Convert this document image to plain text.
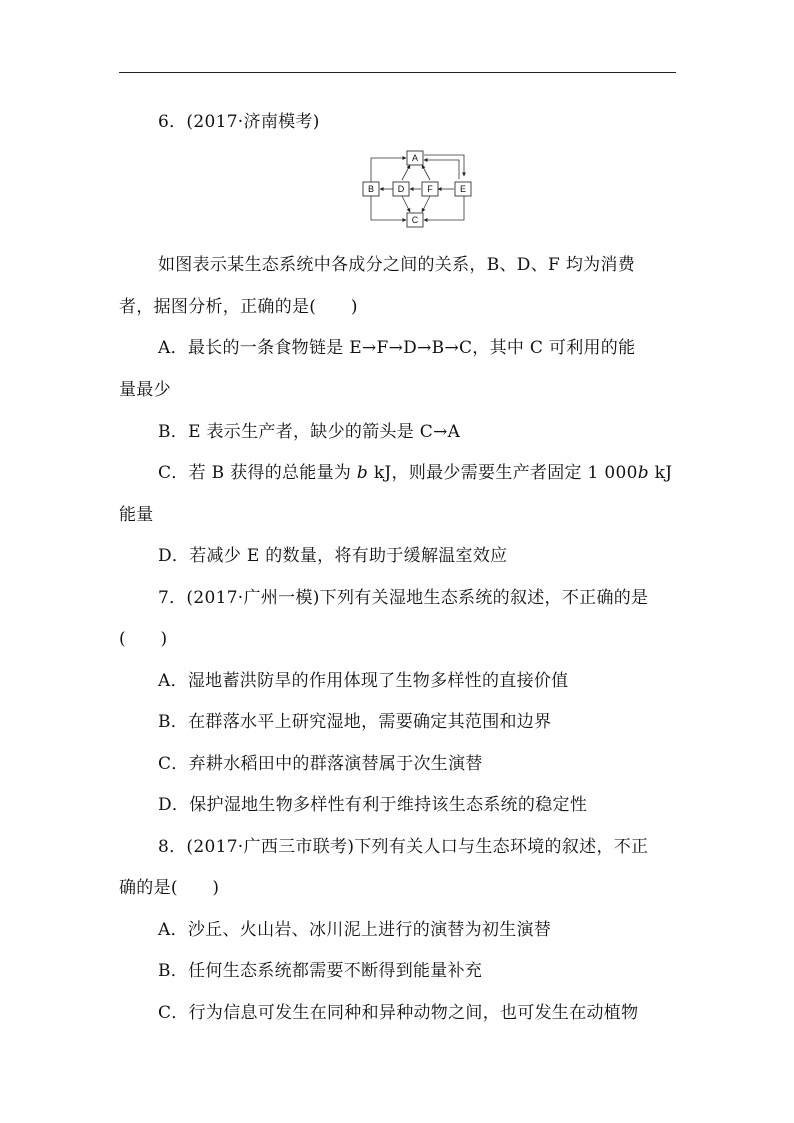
6．(2017·济南模考)
A
B
C
D	E
F
如图表示某生态系统中各成分之间的关系，B、D、F 均为消费
者，据图分析，正确的是(　　)
A．最长的一条食物链是 E→F→D→B→C，其中 C 可利用的能
量最少
B．E 表示生产者，缺少的箭头是 C→A
C．若 B 获得的总能量为 b kJ，则最少需要生产者固定 1 000b kJ
能量
D．若减少 E 的数量，将有助于缓解温室效应
7．(2017·广州一模)下列有关湿地生态系统的叙述，不正确的是
(　　)
A．湿地蓄洪防旱的作用体现了生物多样性的直接价值
B．在群落水平上研究湿地，需要确定其范围和边界
C．弃耕水稻田中的群落演替属于次生演替
D．保护湿地生物多样性有利于维持该生态系统的稳定性
8．(2017·广西三市联考)下列有关人口与生态环境的叙述，不正
确的是(　　)
A．沙丘、火山岩、冰川泥上进行的演替为初生演替
B．任何生态系统都需要不断得到能量补充
C．行为信息可发生在同种和异种动物之间，也可发生在动植物
